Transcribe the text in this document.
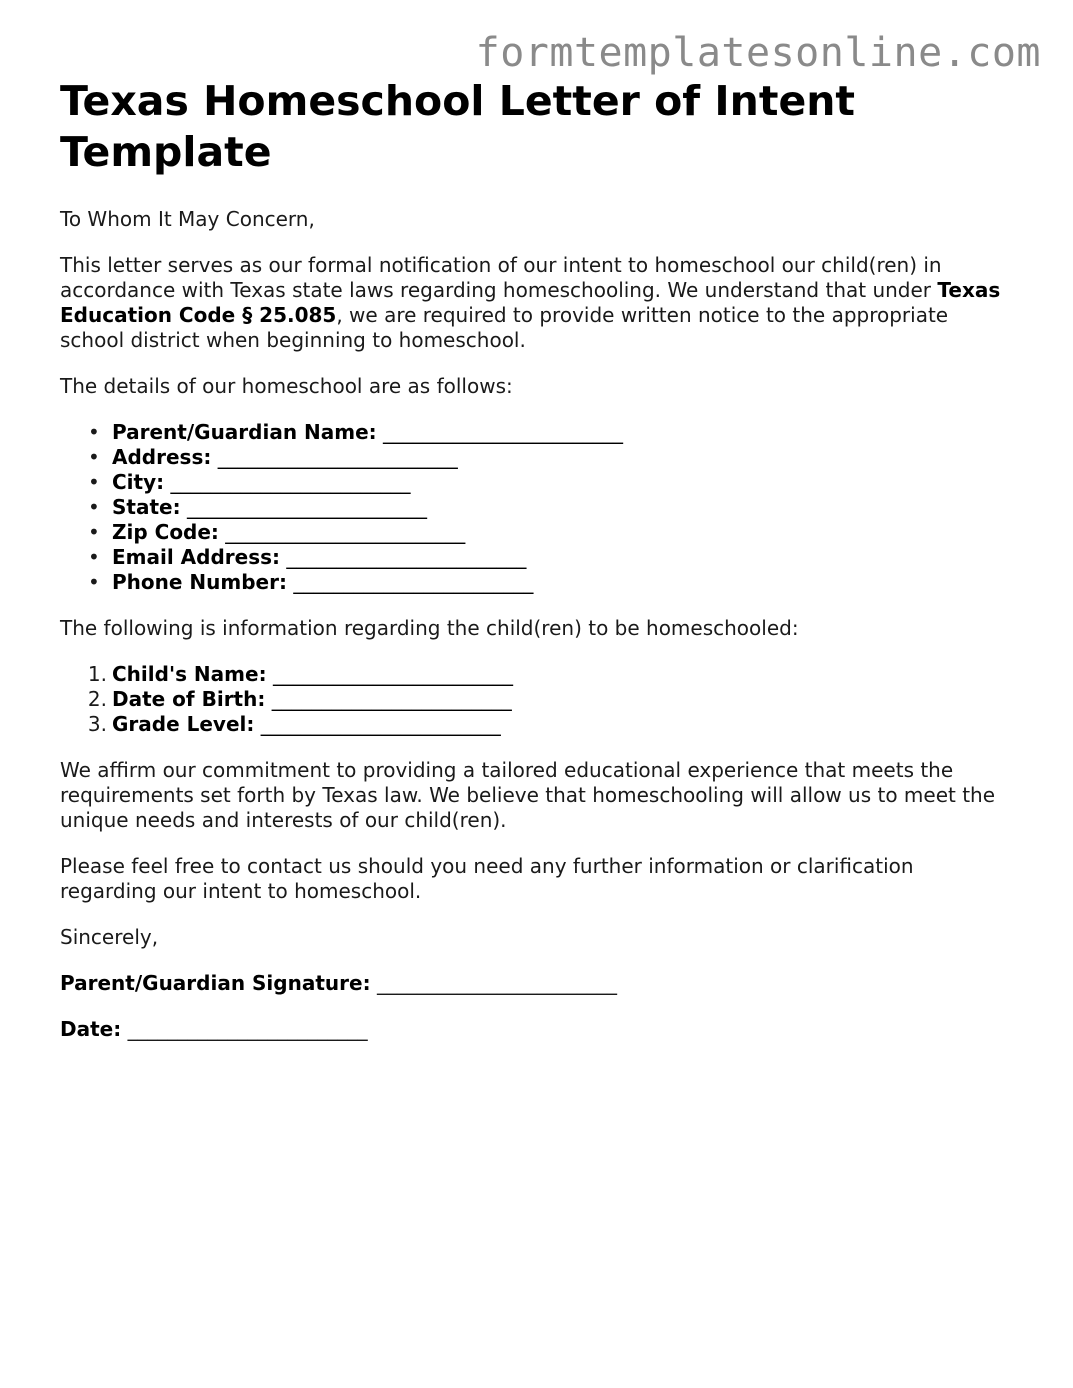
formtemplatesonline.com
Texas Homeschool Letter of Intent Template

To Whom It May Concern,

This letter serves as our formal notification of our intent to homeschool our child(ren) in accordance with Texas state laws regarding homeschooling. We understand that under Texas Education Code § 25.085, we are required to provide written notice to the appropriate school district when beginning to homeschool.

The details of our homeschool are as follows:

• Parent/Guardian Name: ________________________
• Address: ________________________
• City: ________________________
• State: ________________________
• Zip Code: ________________________
• Email Address: ________________________
• Phone Number: ________________________

The following is information regarding the child(ren) to be homeschooled:

1. Child's Name: ________________________
2. Date of Birth: ________________________
3. Grade Level: ________________________

We affirm our commitment to providing a tailored educational experience that meets the requirements set forth by Texas law. We believe that homeschooling will allow us to meet the unique needs and interests of our child(ren).

Please feel free to contact us should you need any further information or clarification regarding our intent to homeschool.

Sincerely,

Parent/Guardian Signature: ________________________
Date: ________________________
